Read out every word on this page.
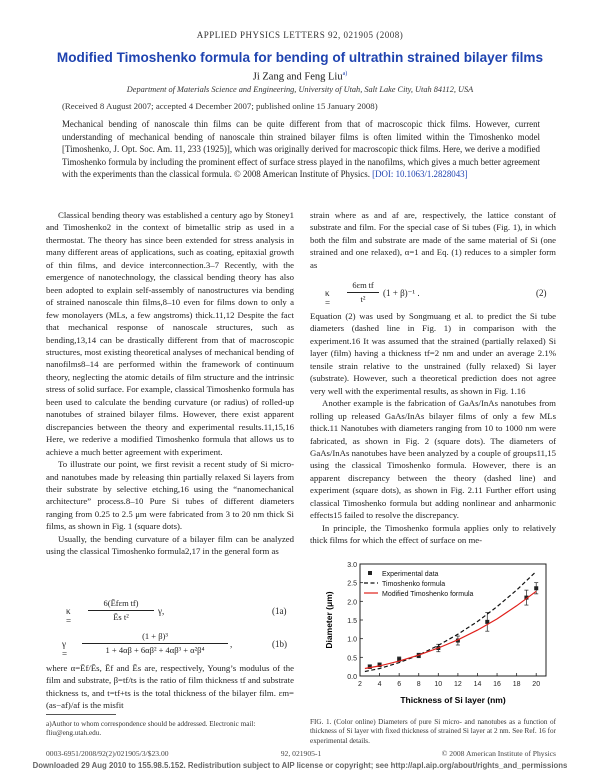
APPLIED PHYSICS LETTERS 92, 021905 (2008)
Modified Timoshenko formula for bending of ultrathin strained bilayer films
Ji Zang and Feng Liu$^{a)}$
Department of Materials Science and Engineering, University of Utah, Salt Lake City, Utah 84112, USA
(Received 8 August 2007; accepted 4 December 2007; published online 15 January 2008)
Mechanical bending of nanoscale thin films can be quite different from that of macroscopic thick films. However, current understanding of mechanical bending of nanoscale thin strained bilayer films is often limited within the Timoshenko model [Timoshenko, J. Opt. Soc. Am. 11, 233 (1925)], which was originally derived for macroscopic thick films. Here, we derive a modified Timoshenko formula by including the prominent effect of surface stress played in the nanofilms, which gives a much better agreement with the experiments than the classical formula. © 2008 American Institute of Physics. [DOI: 10.1063/1.2828043]

Classical bending theory was established a century ago by Stoney1 and Timoshenko2 in the context of bimetallic strip as used in a thermostat. The theory has since been extended for stress analysis in many different areas of applications, such as coating, epitaxial growth of thin films, and device interconnection.3–7 Recently, with the emergence of nanotechnology, the classical bending theory has also been adopted to explain self-assembly of nanostructures via bending of strained nanoscale thin films,8–10 even for films down to only a few monolayers (MLs, a few angstroms) thick.11,12 Despite the fact that mechanical response of nanoscale structures, such as bending,13,14 can be drastically different from that of macroscopic structures, most existing theoretical analyses of mechanical bending of nanofilms8–14 are performed within the framework of continuum theory, neglecting the atomic details of film structure and the intrinsic stress of solid surface. For example, classical Timoshenko formula has been used to calculate the bending curvature (or radius) of rolled-up nanotubes of strained bilayer films. However, there exist apparent discrepancies between the theory and experimental results.11,15,16 Here, we rederive a modified Timoshenko formula that allows us to achieve a much better agreement with experiment.

To illustrate our point, we first revisit a recent study of Si micro- and nanotubes made by releasing thin partially relaxed Si layers from their substrate by selective etching,16 using the “nanomechanical architecture” process.8–10 Pure Si tubes of different diameters ranging from 0.25 to 2.5 μm were fabricated from 3 to 20 nm thick Si films, as shown in Fig. 1 (square dots).

Usually, the bending curvature of a bilayer film can be analyzed using the classical Timoshenko formula2,17 in the general form as

κ =
6(Ēfεm tf)
Ēs t²
γ,	(1a)
γ =
(1 + β)³
1 + 4αβ + 6αβ² + 4αβ³ + α²β⁴
,	(1b)

where α=Ēf/Ēs, Ēf and Ēs are, respectively, Young’s modulus of the film and substrate, β=tf/ts is the ratio of film thickness tf and substrate thickness ts, and t=tf+ts is the total thickness of the bilayer film. εm=(as−af)/af is the misfit

a)Author to whom correspondence should be addressed. Electronic mail: fliu@eng.utah.edu.

strain where as and af are, respectively, the lattice constant of substrate and film. For the special case of Si tubes (Fig. 1), in which both the film and substrate are made of the same material of Si (one strained and one relaxed), α=1 and Eq. (1) reduces to a simpler form as

κ =
6εm tf
t²
(1 + β)⁻¹ .	(2)

Equation (2) was used by Songmuang et al. to predict the Si tube diameters (dashed line in Fig. 1) in comparison with the experiment.16 It was assumed that the strained (partially relaxed) Si layer (film) having a thickness tf=2 nm and under an average 2.1% tensile strain relative to the unstrained (fully relaxed) Si layer (substrate). However, such a theoretical prediction does not agree very well with the experimental results, as shown in Fig. 1.16

Another example is the fabrication of GaAs/InAs nanotubes from rolling up released GaAs/InAs bilayer films of only a few MLs thick.11 Nanotubes with diameters ranging from 10 to 1000 nm were fabricated, as shown in Fig. 2 (square dots). The diameters of GaAs/InAs nanotubes have been analyzed by a couple of groups11,15 using the classical Timoshenko formula. However, there is an apparent discrepancy between the theory (dashed line) and experiment (square dots), as shown in Fig. 2.11 Further effort using classical Timoshenko formula but adding nonlinear and anharmonic effects15 failed to resolve the discrepancy.

In principle, the Timoshenko formula applies only to relatively thick films for which the effect of surface on me-

0.0
0.5
1.0
1.5
2.0
2.5
3.0
2 4 6 8 10 12 14 16 18 20
Experimental data
Timoshenko formula
Modified Timoshenko formula
Diameter (μm)
Thickness of Si layer (nm)
FIG. 1. (Color online) Diameters of pure Si micro- and nanotubes as a function of thickness of Si layer with fixed thickness of strained Si layer at 2 nm. See Ref. 16 for experimental details.
0003-6951/2008/92(2)/021905/3/$23.00	92, 021905-1	© 2008 American Institute of Physics
Downloaded 29 Aug 2010 to 155.98.5.152. Redistribution subject to AIP license or copyright; see http://apl.aip.org/about/rights_and_permissions
